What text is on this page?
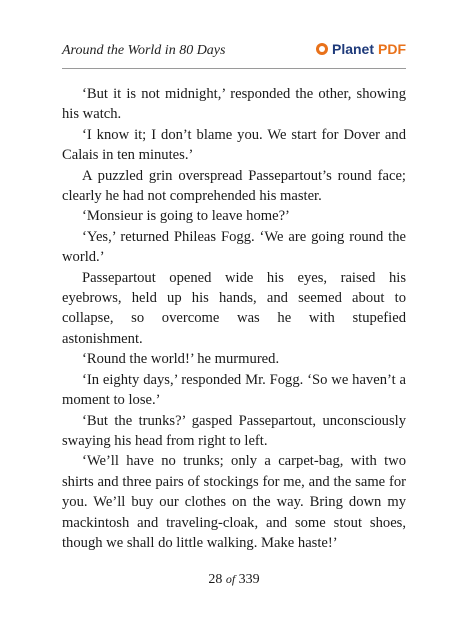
Around the World in 80 Days	Planet PDF

‘But it is not midnight,’ responded the other, showing his watch.

‘I know it; I don’t blame you. We start for Dover and Calais in ten minutes.’

A puzzled grin overspread Passepartout’s round face; clearly he had not comprehended his master.

‘Monsieur is going to leave home?’

‘Yes,’ returned Phileas Fogg. ‘We are going round the world.’

Passepartout opened wide his eyes, raised his eyebrows, held up his hands, and seemed about to collapse, so overcome was he with stupefied astonishment.

‘Round the world!’ he murmured.

‘In eighty days,’ responded Mr. Fogg. ‘So we haven’t a moment to lose.’

‘But the trunks?’ gasped Passepartout, unconsciously swaying his head from right to left.

‘We’ll have no trunks; only a carpet-bag, with two shirts and three pairs of stockings for me, and the same for you. We’ll buy our clothes on the way. Bring down my mackintosh and traveling-cloak, and some stout shoes, though we shall do little walking. Make haste!’

28 of 339
